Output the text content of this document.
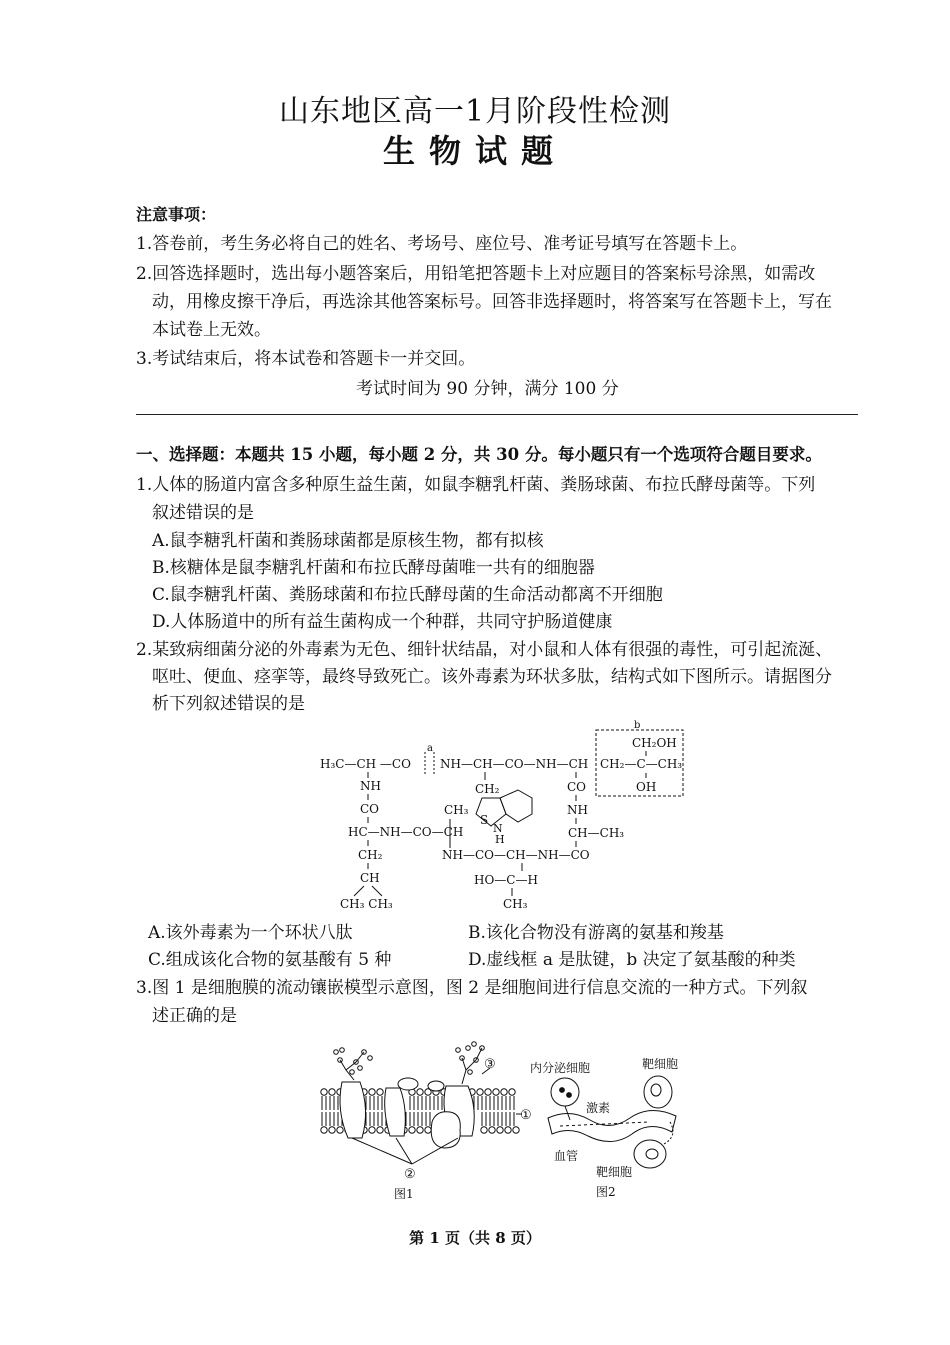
山东地区高一1月阶段性检测
生物试题
注意事项：
1.答卷前，考生务必将自己的姓名、考场号、座位号、准考证号填写在答题卡上。
2.回答选择题时，选出每小题答案后，用铅笔把答题卡上对应题目的答案标号涂黑，如需改
动，用橡皮擦干净后，再选涂其他答案标号。回答非选择题时，将答案写在答题卡上，写在
本试卷上无效。
3.考试结束后，将本试卷和答题卡一并交回。
考试时间为 90 分钟，满分 100 分
一、选择题：本题共 15 小题，每小题 2 分，共 30 分。每小题只有一个选项符合题目要求。
1.人体的肠道内富含多种原生益生菌，如鼠李糖乳杆菌、粪肠球菌、布拉氏酵母菌等。下列
叙述错误的是
A.鼠李糖乳杆菌和粪肠球菌都是原核生物，都有拟核
B.核糖体是鼠李糖乳杆菌和布拉氏酵母菌唯一共有的细胞器
C.鼠李糖乳杆菌、粪肠球菌和布拉氏酵母菌的生命活动都离不开细胞
D.人体肠道中的所有益生菌构成一个种群，共同守护肠道健康
2.某致病细菌分泌的外毒素为无色、细针状结晶，对小鼠和人体有很强的毒性，可引起流涎、
呕吐、便血、痉挛等，最终导致死亡。该外毒素为环状多肽，结构式如下图所示。请据图分
析下列叙述错误的是
H₃C—CH —CO
a
NH—CH—CO—NH—CH
b
CH₂OH
CH₂—C—CH₃
OH
NH
CO
HC—NH—CO—CH
CH₃
CH₂
CH
CH₃ CH₃
CH₂
S
N
H
CO
NH
CH—CH₃
NH—CO—CH—NH—CO
HO—C—H
CH₃
A.该外毒素为一个环状八肽	B.该化合物没有游离的氨基和羧基
C.组成该化合物的氨基酸有 5 种	D.虚线框 a 是肽键，b 决定了氨基酸的种类
3.图 1 是细胞膜的流动镶嵌模型示意图，图 2 是细胞间进行信息交流的一种方式。下列叙
述正确的是
①
②
③
图1
内分泌细胞	靶细胞
激素
血管
靶细胞
图2
第 1 页（共 8 页）
